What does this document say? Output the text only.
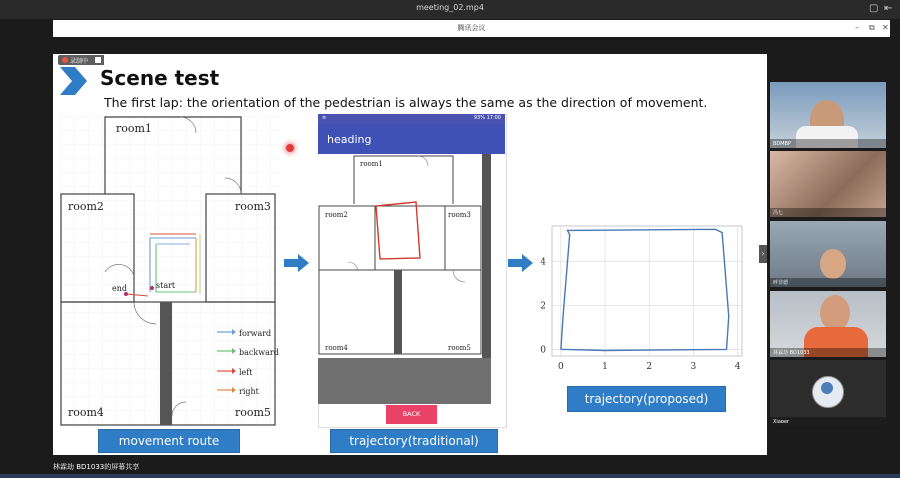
meeting_02.mp4	▢ ⇤
腾讯会议	– ⧉ ✕
录制中
Scene test
The first lap: the orientation of the pedestrian is always the same as the direction of movement.
room1
room2	room3
room4	room5
start
end
forward
backward
left
right
≡	93% 17:00
heading
room1
room2	room3
room4	room5
BACK
0	1	2	3	4
0
2
4
movement route	trajectory(traditional)
trajectory(proposed)
›
BDMBP
冯七
呼非德
林霖劫 BD1033
Xiaoer
林霖劫 BD1033的屏幕共享
